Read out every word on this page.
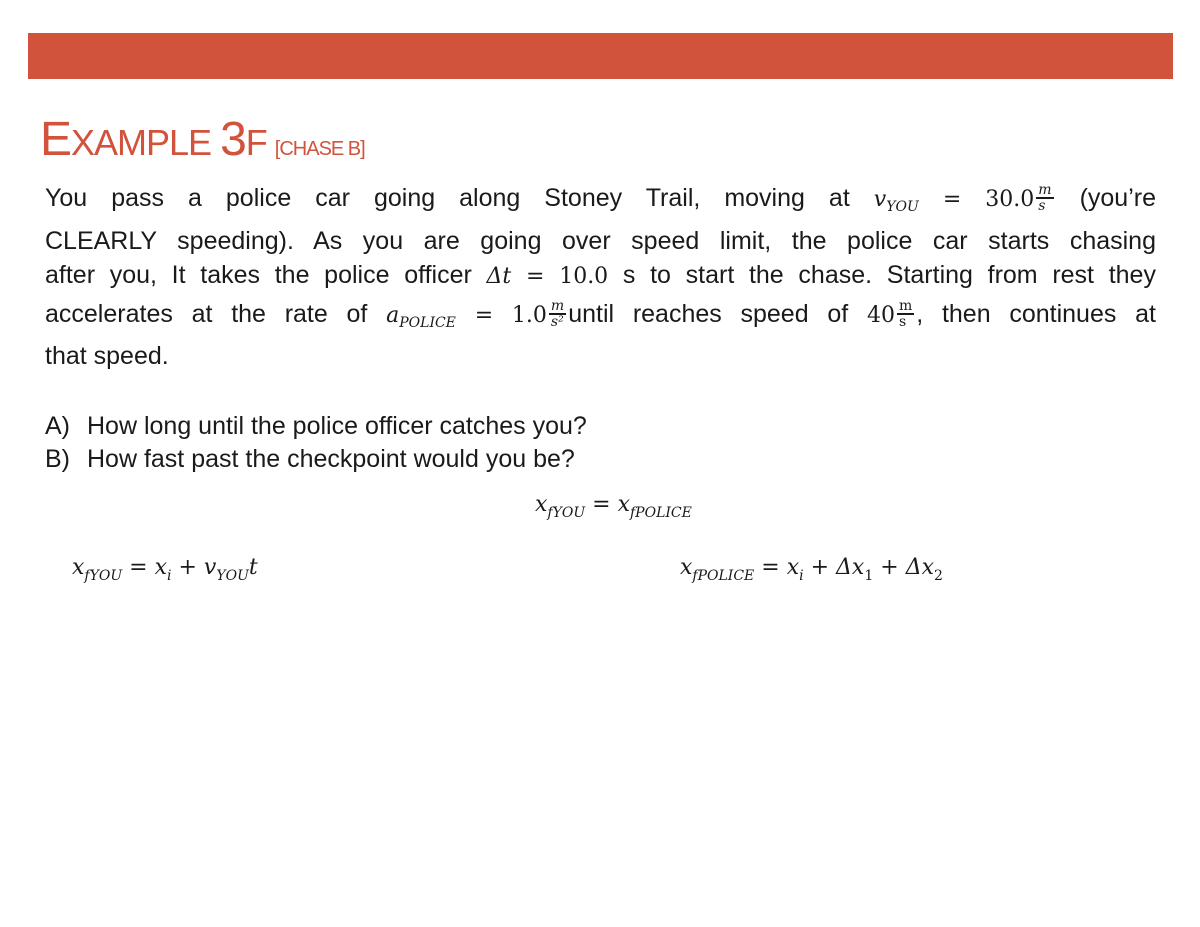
EXAMPLE 3F [CHASE B]
You pass a police car going along Stoney Trail, moving at $v_{YOU} = 30.0 \frac{m}{s}$ (you’re
CLEARLY speeding). As you are going over speed limit, the police car starts chasing
after you, It takes the police officer Δt = 10.0 s to start the chase. Starting from rest they
accelerates at the rate of $a_{POLICE} = 1.0 \frac{m}{\text{s²}}$ until reaches speed of $40 \frac{m}{s}$ , then continues at
that speed.
A) How long until the police officer catches you?
B) How fast past the checkpoint would you be?
$x_{fYOU} = x_{fPOLICE}$
$x_{fYOU} = x_i + v_{YOU}t$	$x_{fPOLICE} = x_i + \Delta x_1 + \Delta x_2$
